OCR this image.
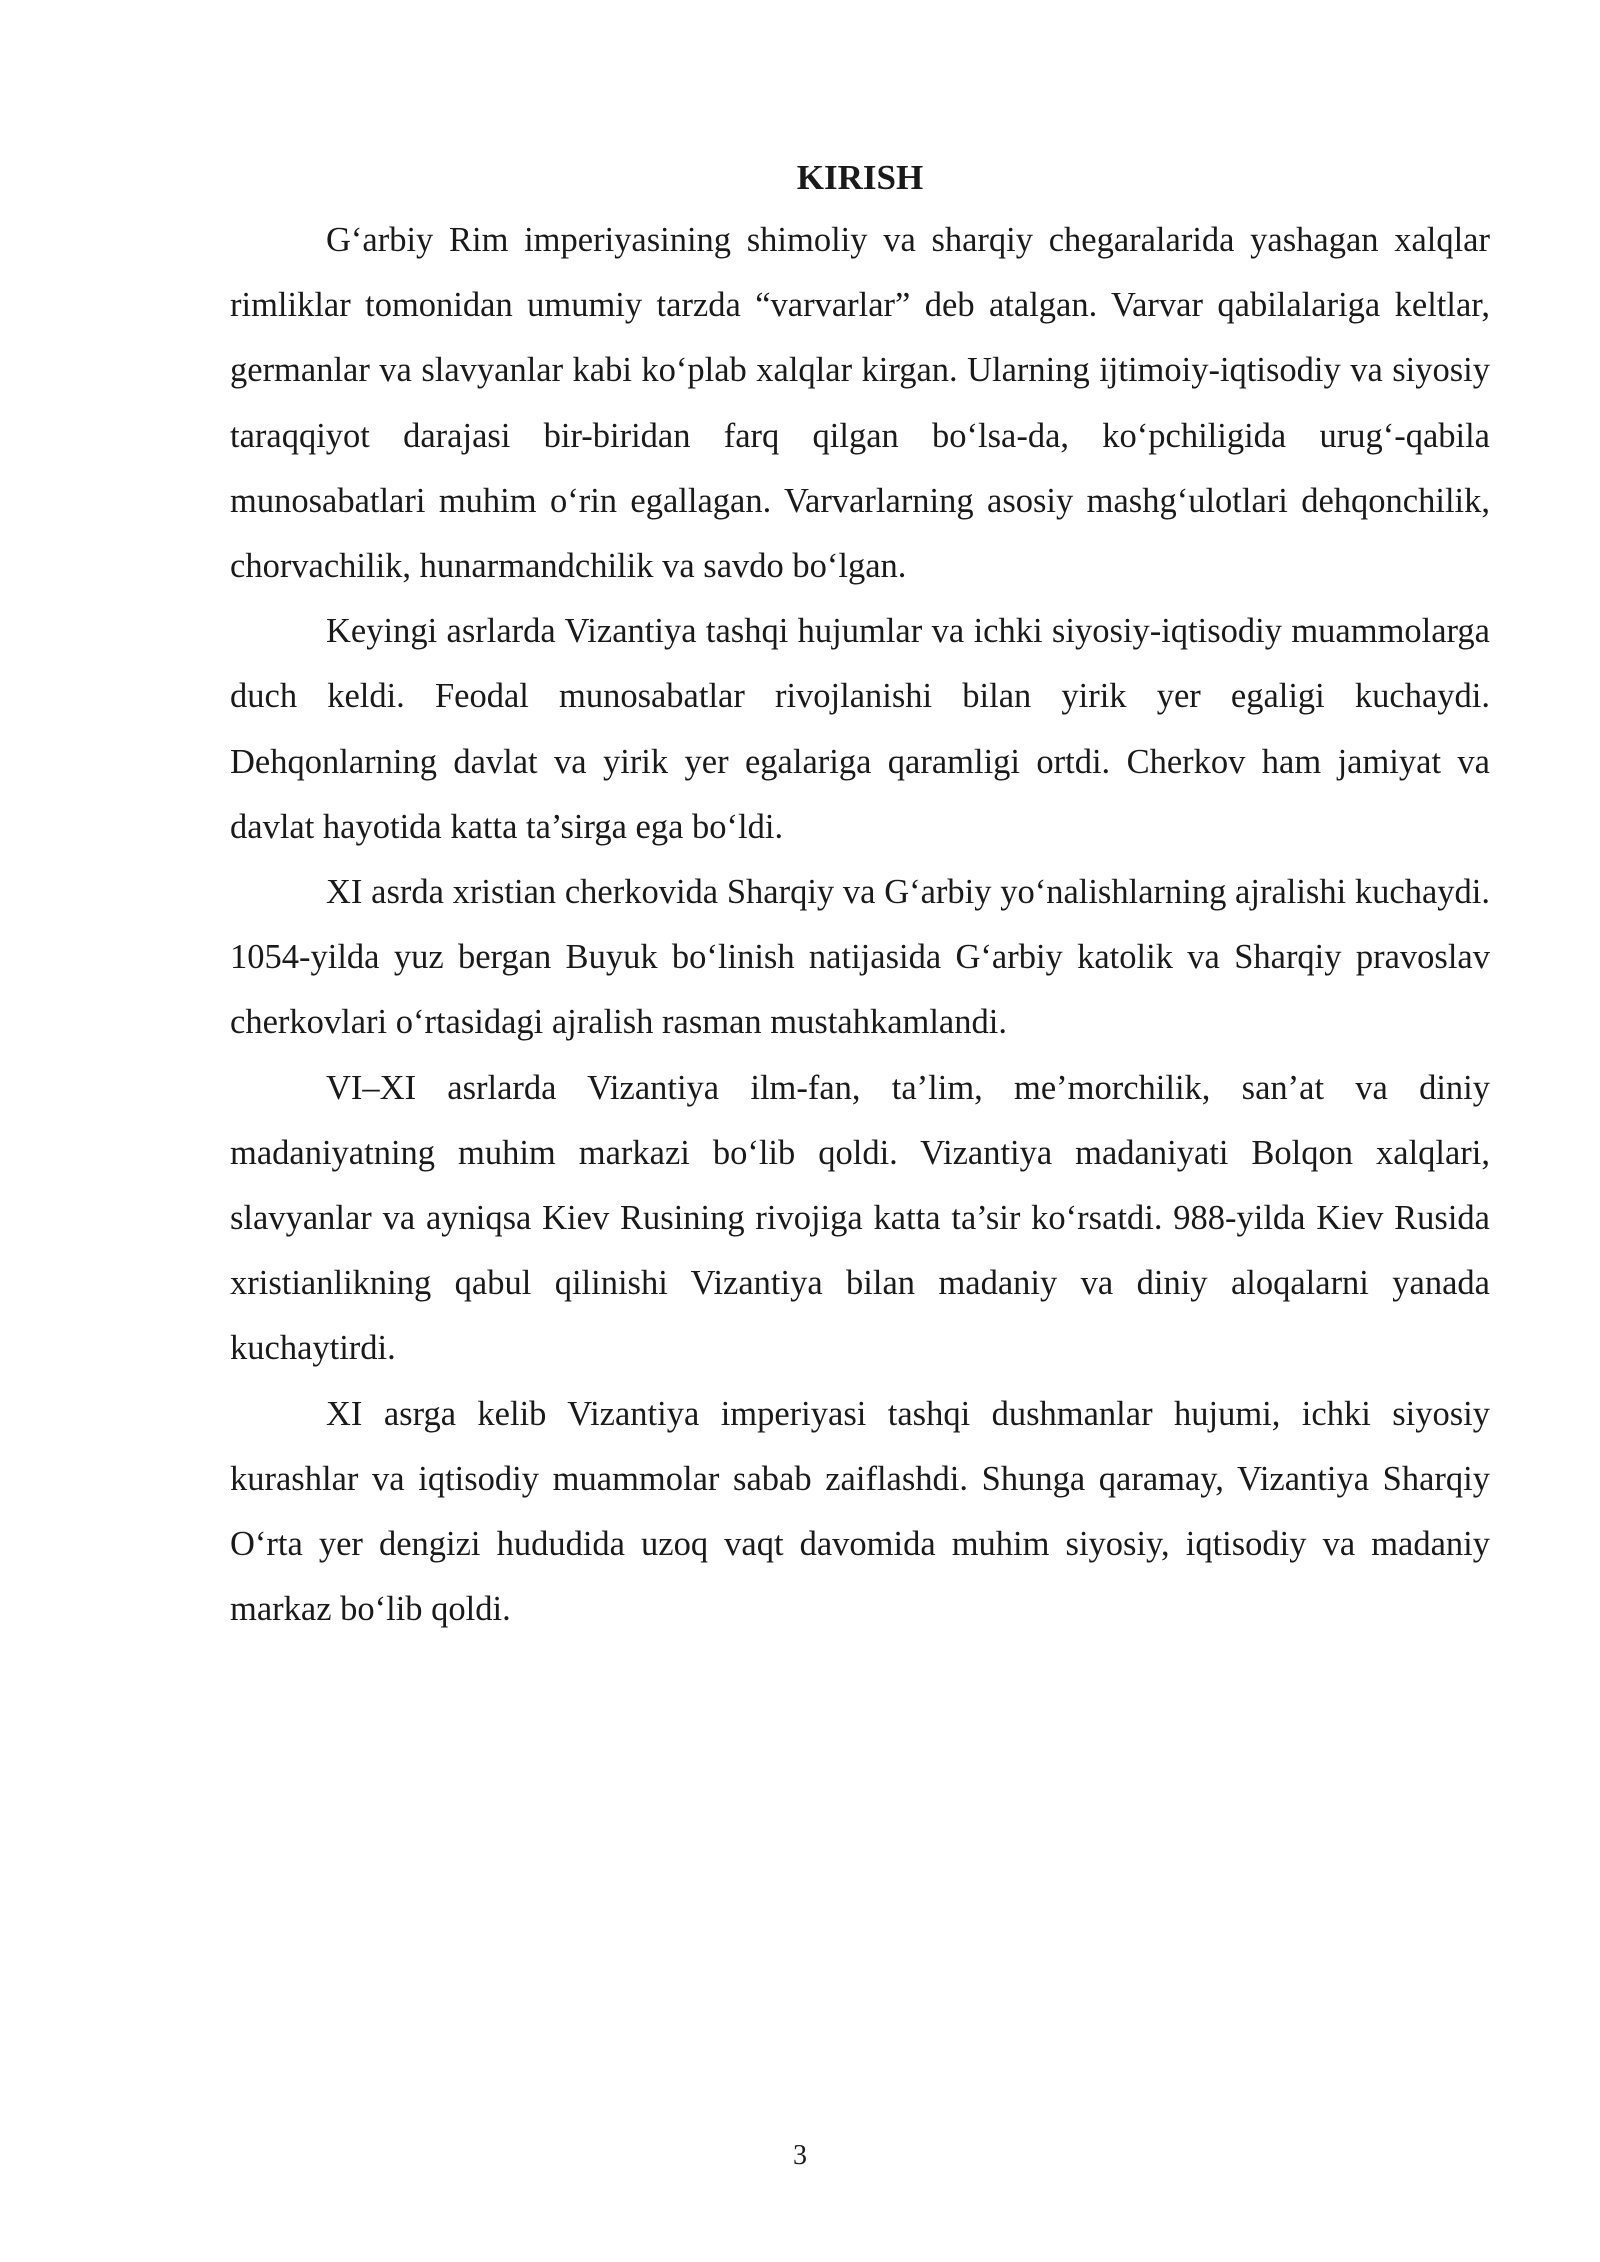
KIRISH

G‘arbiy Rim imperiyasining shimoliy va sharqiy chegaralarida yashagan xalqlar rimliklar tomonidan umumiy tarzda “varvarlar” deb atalgan. Varvar qabilalariga keltlar, germanlar va slavyanlar kabi ko‘plab xalqlar kirgan. Ularning ijtimoiy-iqtisodiy va siyosiy taraqqiyot darajasi bir-biridan farq qilgan bo‘lsa-da, ko‘pchiligida urug‘-qabila munosabatlari muhim o‘rin egallagan. Varvarlarning asosiy mashg‘ulotlari dehqonchilik, chorvachilik, hunarmandchilik va savdo bo‘lgan.

Keyingi asrlarda Vizantiya tashqi hujumlar va ichki siyosiy-iqtisodiy muammolarga duch keldi. Feodal munosabatlar rivojlanishi bilan yirik yer egaligi kuchaydi. Dehqonlarning davlat va yirik yer egalariga qaramligi ortdi. Cherkov ham jamiyat va davlat hayotida katta ta’sirga ega bo‘ldi.

XI asrda xristian cherkovida Sharqiy va G‘arbiy yo‘nalishlarning ajralishi kuchaydi. 1054-yilda yuz bergan Buyuk bo‘linish natijasida G‘arbiy katolik va Sharqiy pravoslav cherkovlari o‘rtasidagi ajralish rasman mustahkamlandi.

VI–XI asrlarda Vizantiya ilm-fan, ta’lim, me’morchilik, san’at va diniy madaniyatning muhim markazi bo‘lib qoldi. Vizantiya madaniyati Bolqon xalqlari, slavyanlar va ayniqsa Kiev Rusining rivojiga katta ta’sir ko‘rsatdi. 988-yilda Kiev Rusida xristianlikning qabul qilinishi Vizantiya bilan madaniy va diniy aloqalarni yanada kuchaytirdi.

XI asrga kelib Vizantiya imperiyasi tashqi dushmanlar hujumi, ichki siyosiy kurashlar va iqtisodiy muammolar sabab zaiflashdi. Shunga qaramay, Vizantiya Sharqiy O‘rta yer dengizi hududida uzoq vaqt davomida muhim siyosiy, iqtisodiy va madaniy markaz bo‘lib qoldi.

3
